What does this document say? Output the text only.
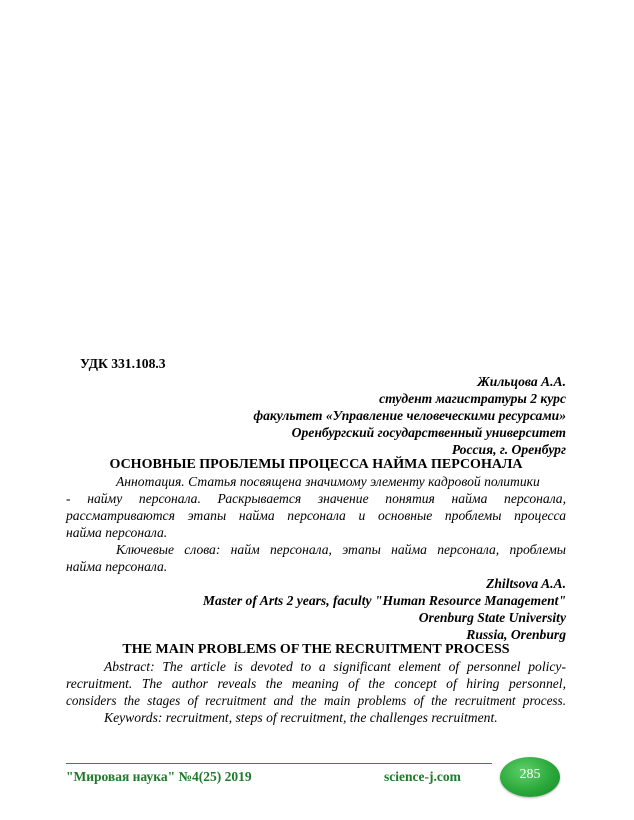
УДК 331.108.3
Жильцова А.А.
студент магистратуры 2 курс
факультет «Управление человеческими ресурсами»
Оренбургский государственный университет
Россия, г. Оренбург
ОСНОВНЫЕ ПРОБЛЕМЫ ПРОЦЕССА НАЙМА ПЕРСОНАЛА
Аннотация. Статья посвящена значимому элементу кадровой политики
- найму персонала. Раскрывается значение понятия найма персонала,
рассматриваются этапы найма персонала и основные проблемы процесса
найма персонала.
Ключевые слова: найм персонала, этапы найма персонала, проблемы
найма персонала.
Zhiltsova A.A.
Master of Arts 2 years, faculty "Human Resource Management"
Orenburg State University
Russia, Orenburg
THE MAIN PROBLEMS OF THE RECRUITMENT PROCESS
Abstract: The article is devoted to a significant element of personnel policy-
recruitment. The author reveals the meaning of the concept of hiring personnel,
considers the stages of recruitment and the main problems of the recruitment process.
Keywords: recruitment, steps of recruitment, the challenges recruitment.
"Мировая наука" №4(25) 2019	science-j.com	285
